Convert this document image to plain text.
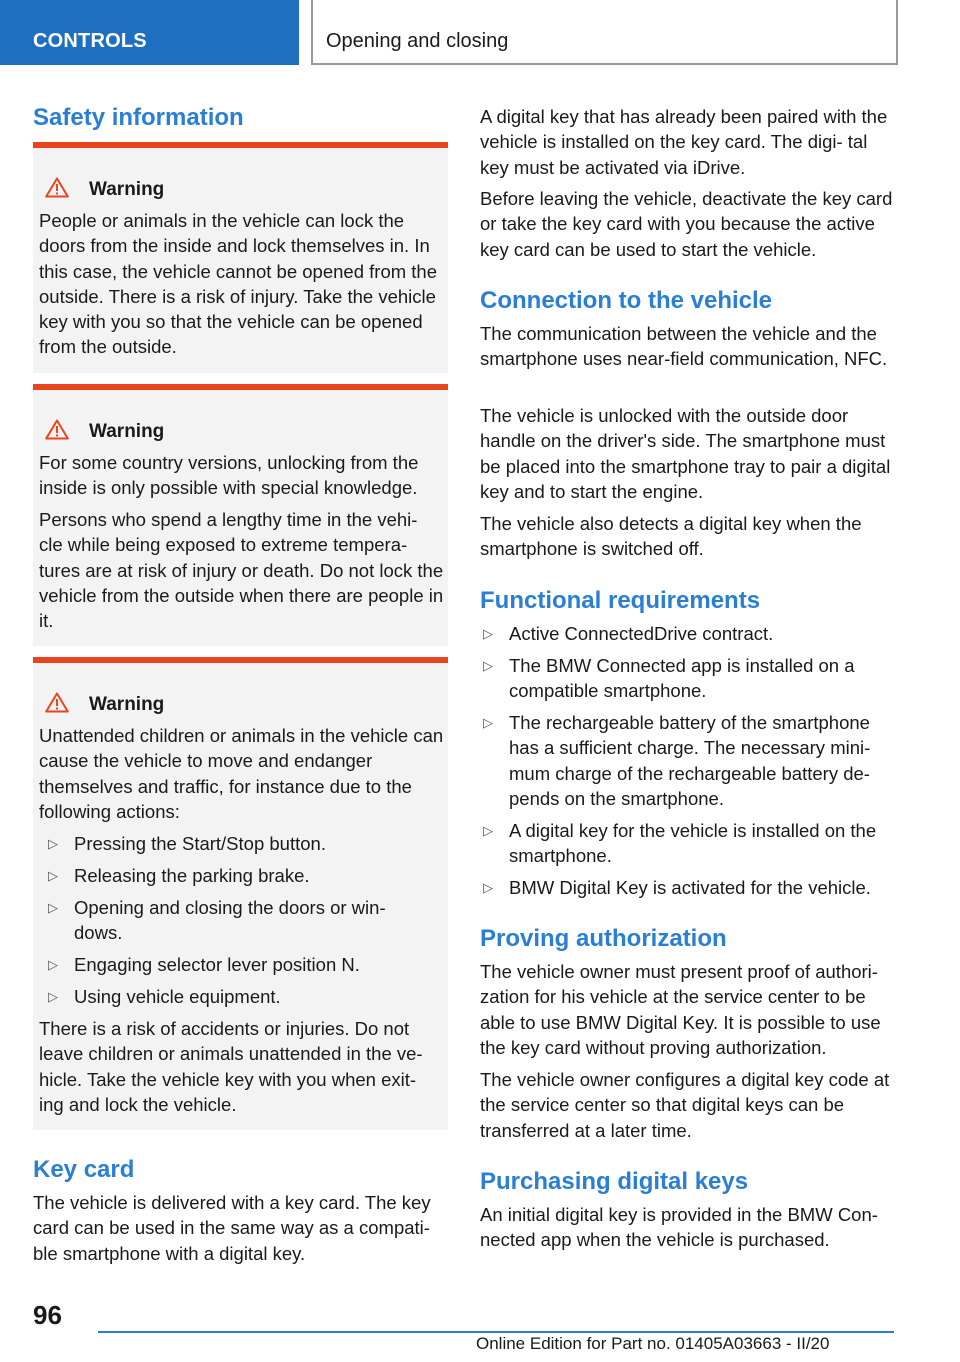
CONTROLS	Opening and closing
Safety information
Warning

People or animals in the vehicle can lock the doors from the inside and lock themselves in. In this case, the vehicle cannot be opened from the outside. There is a risk of injury. Take the vehicle key with you so that the vehicle can be opened from the outside.

Warning

For some country versions, unlocking from the inside is only possible with special knowledge.

Persons who spend a lengthy time in the vehi‐ cle while being exposed to extreme tempera‐ tures are at risk of injury or death. Do not lock the vehicle from the outside when there are people in it.

Warning

Unattended children or animals in the vehicle can cause the vehicle to move and endanger themselves and traffic, for instance due to the following actions:

▷ Pressing the Start/Stop button.
▷ Releasing the parking brake.
▷ Opening and closing the doors or win‐ dows.
▷ Engaging selector lever position N.
▷ Using vehicle equipment.

There is a risk of accidents or injuries. Do not leave children or animals unattended in the ve‐ hicle. Take the vehicle key with you when exit‐ ing and lock the vehicle.

Key card

The vehicle is delivered with a key card. The key card can be used in the same way as a compati‐ ble smartphone with a digital key.

A digital key that has already been paired with the vehicle is installed on the key card. The digi‐ tal key must be activated via iDrive.

Before leaving the vehicle, deactivate the key card or take the key card with you because the active key card can be used to start the vehicle.

Connection to the vehicle

The communication between the vehicle and the smartphone uses near-field communication, NFC.

The vehicle is unlocked with the outside door handle on the driver's side. The smartphone must be placed into the smartphone tray to pair a digital key and to start the engine.

The vehicle also detects a digital key when the smartphone is switched off.

Functional requirements
▷ Active ConnectedDrive contract.
▷ The BMW Connected app is installed on a compatible smartphone.
▷ The rechargeable battery of the smartphone has a sufficient charge. The necessary mini‐ mum charge of the rechargeable battery de‐ pends on the smartphone.
▷ A digital key for the vehicle is installed on the smartphone.
▷ BMW Digital Key is activated for the vehicle.
Proving authorization

The vehicle owner must present proof of authori‐ zation for his vehicle at the service center to be able to use BMW Digital Key. It is possible to use the key card without proving authorization.

The vehicle owner configures a digital key code at the service center so that digital keys can be transferred at a later time.

Purchasing digital keys

An initial digital key is provided in the BMW Con‐ nected app when the vehicle is purchased.

96
Online Edition for Part no. 01405A03663 - II/20
